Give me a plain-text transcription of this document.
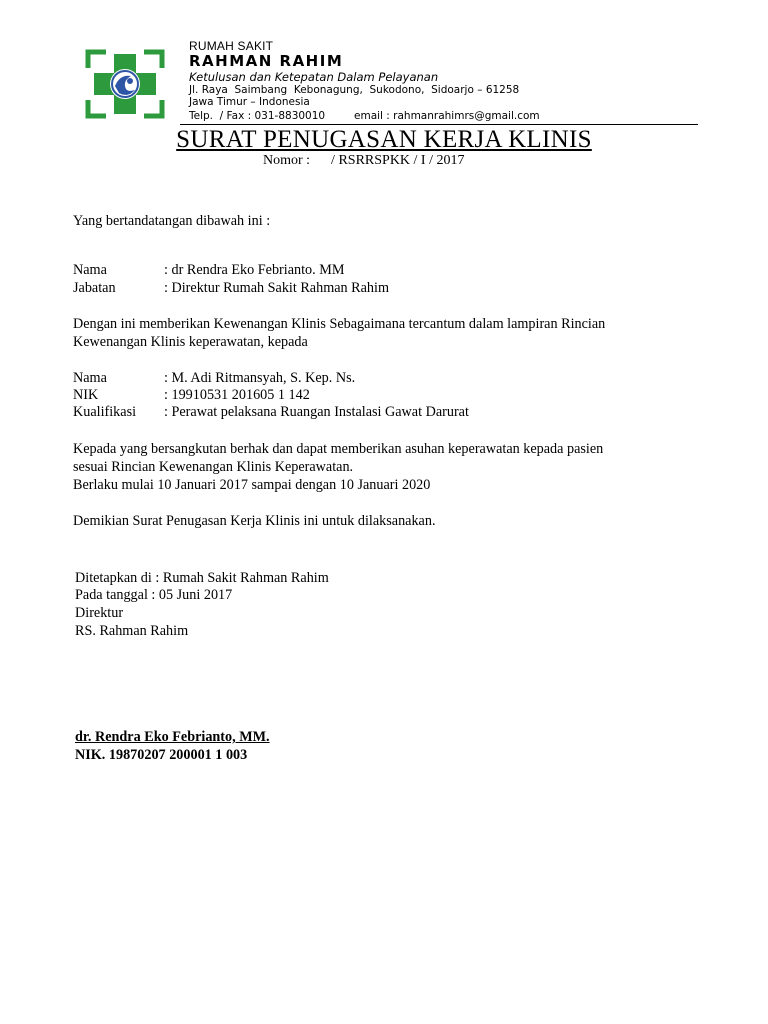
RUMAH SAKIT
RAHMAN RAHIM
Ketulusan dan Ketepatan Dalam Pelayanan
Jl. Raya  Saimbang  Kebonagung,  Sukodono,  Sidoarjo – 61258
Jawa Timur – Indonesia
Telp.  / Fax : 031-8830010	email : rahmanrahimrs@gmail.com
SURAT PENUGASAN KERJA KLINIS
Nomor :      / RSRRSPKK / I / 2017
Yang bertandatangan dibawah ini :
Nama	: dr Rendra Eko Febrianto. MM
Jabatan	: Direktur Rumah Sakit Rahman Rahim
Dengan ini memberikan Kewenangan Klinis Sebagaimana tercantum dalam lampiran Rincian
Kewenangan Klinis keperawatan, kepada
Nama	: M. Adi Ritmansyah, S. Kep. Ns.
NIK	: 19910531 201605 1 142
Kualifikasi : Perawat pelaksana Ruangan Instalasi Gawat Darurat
Kepada yang bersangkutan berhak dan dapat memberikan asuhan keperawatan kepada pasien
sesuai Rincian Kewenangan Klinis Keperawatan.
Berlaku mulai 10 Januari 2017 sampai dengan 10 Januari 2020
Demikian Surat Penugasan Kerja Klinis ini untuk dilaksanakan.
Ditetapkan di : Rumah Sakit Rahman Rahim
Pada tanggal : 05 Juni 2017
Direktur
RS. Rahman Rahim
dr. Rendra Eko Febrianto, MM.
NIK. 19870207 200001 1 003
